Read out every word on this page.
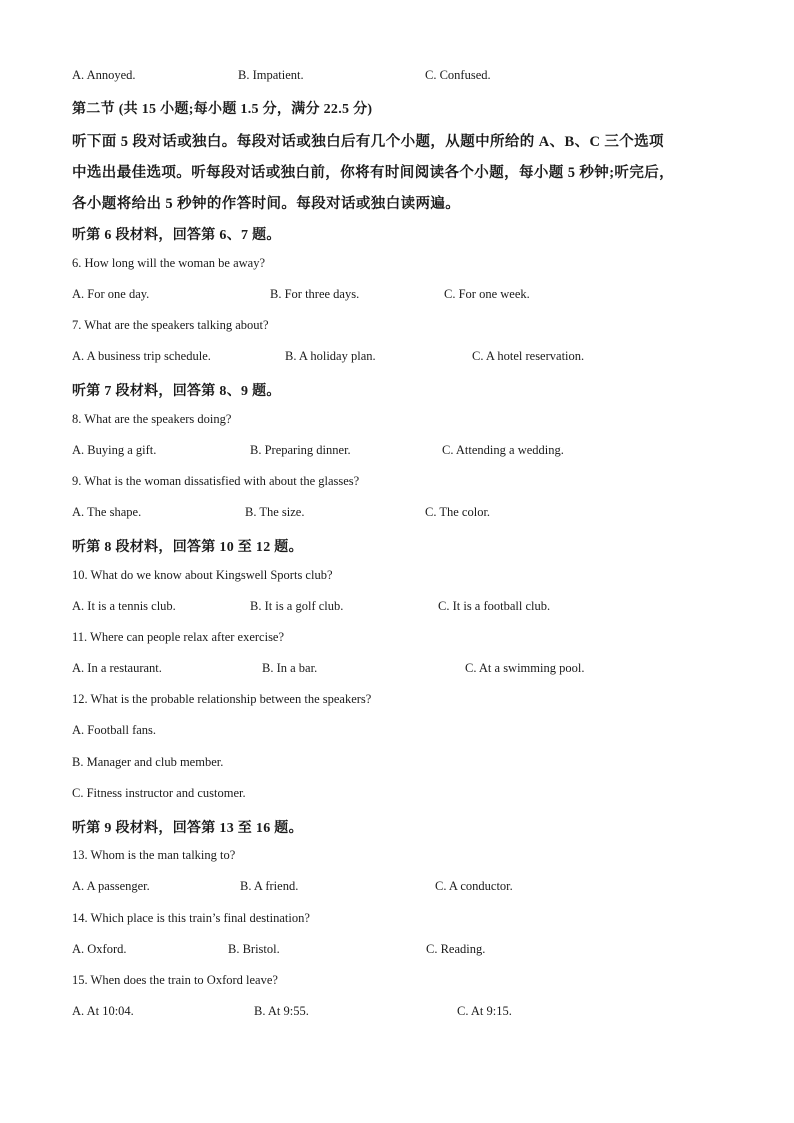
A. Annoyed.	B. Impatient.	C. Confused.
第二节 (共 15 小题;每小题 1.5 分，满分 22.5 分)
听下面 5 段对话或独白。每段对话或独白后有几个小题，从题中所给的 A、B、C 三个选项
中选出最佳选项。听每段对话或独白前，你将有时间阅读各个小题，每小题 5 秒钟;听完后，
各小题将给出 5 秒钟的作答时间。每段对话或独白读两遍。
听第 6 段材料，回答第 6、7 题。
6. How long will the woman be away?
A. For one day.	B. For three days.	C. For one week.
7. What are the speakers talking about?
A. A business trip schedule.	B. A holiday plan.	C. A hotel reservation.
听第 7 段材料，回答第 8、9 题。
8. What are the speakers doing?
A. Buying a gift.	B. Preparing dinner.	C. Attending a wedding.
9. What is the woman dissatisfied with about the glasses?
A. The shape.	B. The size.	C. The color.
听第 8 段材料，回答第 10 至 12 题。
10. What do we know about Kingswell Sports club?
A. It is a tennis club.	B. It is a golf club.	C. It is a football club.
11. Where can people relax after exercise?
A. In a restaurant.	B. In a bar.	C. At a swimming pool.
12. What is the probable relationship between the speakers?
A. Football fans.
B. Manager and club member.
C. Fitness instructor and customer.
听第 9 段材料，回答第 13 至 16 题。
13. Whom is the man talking to?
A. A passenger.	B. A friend.	C. A conductor.
14. Which place is this train’s final destination?
A. Oxford.	B. Bristol.	C. Reading.
15. When does the train to Oxford leave?
A. At 10:04.	B. At 9:55.	C. At 9:15.
